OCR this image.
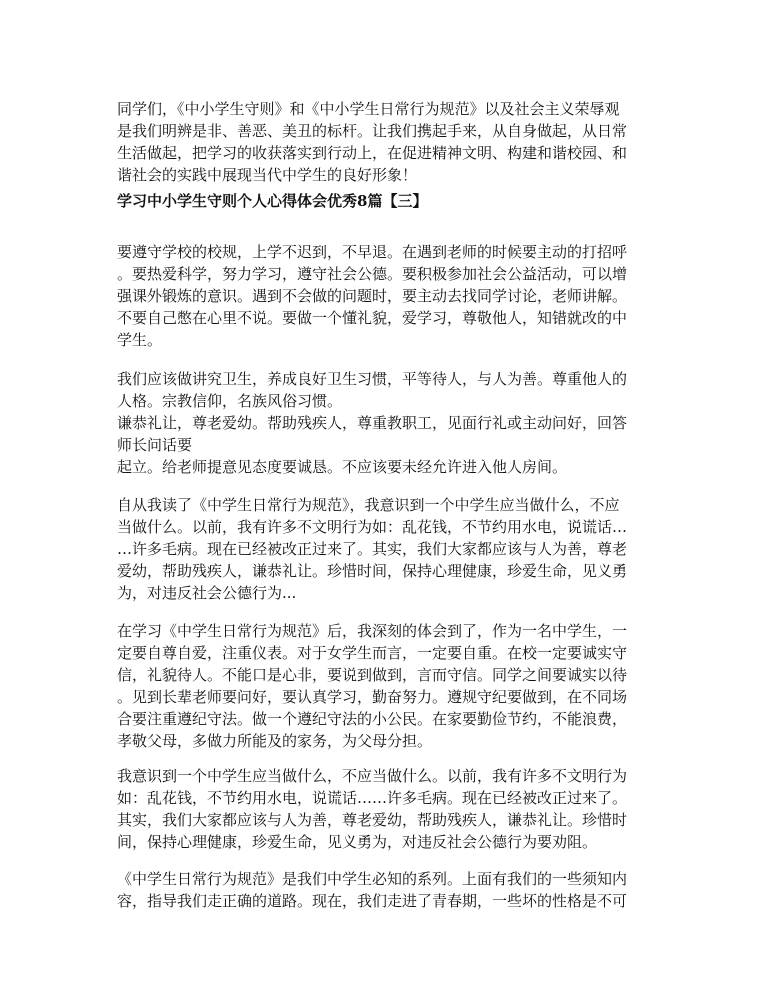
同学们，《中小学生守则》和《中小学生日常行为规范》以及社会主义荣辱观
是我们明辨是非、善恶、美丑的标杆。让我们携起手来，从自身做起，从日常
生活做起，把学习的收获落实到行动上，在促进精神文明、构建和谐校园、和
谐社会的实践中展现当代中学生的良好形象！
学习中小学生守则个人心得体会优秀8篇【三】
要遵守学校的校规，上学不迟到，不早退。在遇到老师的时候要主动的打招呼
。要热爱科学，努力学习，遵守社会公德。要积极参加社会公益活动，可以增
强课外锻炼的意识。遇到不会做的问题时，要主动去找同学讨论，老师讲解。
不要自己憋在心里不说。要做一个懂礼貌，爱学习，尊敬他人，知错就改的中
学生。
我们应该做讲究卫生，养成良好卫生习惯，平等待人，与人为善。尊重他人的
人格。宗教信仰，名族风俗习惯。
谦恭礼让，尊老爱幼。帮助残疾人，尊重教职工，见面行礼或主动问好，回答
师长问话要
起立。给老师提意见态度要诚恳。不应该要未经允许进入他人房间。
自从我读了《中学生日常行为规范》，我意识到一个中学生应当做什么，不应
当做什么。以前，我有许多不文明行为如：乱花钱，不节约用水电，说谎话…
…许多毛病。现在已经被改正过来了。其实，我们大家都应该与人为善，尊老
爱幼，帮助残疾人，谦恭礼让。珍惜时间，保持心理健康，珍爱生命，见义勇
为，对违反社会公德行为...
在学习《中学生日常行为规范》后，我深刻的体会到了，作为一名中学生，一
定要自尊自爱，注重仪表。对于女学生而言，一定要自重。在校一定要诚实守
信，礼貌待人。不能口是心非，要说到做到，言而守信。同学之间要诚实以待
。见到长辈老师要问好，要认真学习，勤奋努力。遵规守纪要做到，在不同场
合要注重遵纪守法。做一个遵纪守法的小公民。在家要勤俭节约，不能浪费，
孝敬父母，多做力所能及的家务，为父母分担。
我意识到一个中学生应当做什么，不应当做什么。以前，我有许多不文明行为
如：乱花钱，不节约用水电，说谎话……许多毛病。现在已经被改正过来了。
其实，我们大家都应该与人为善，尊老爱幼，帮助残疾人，谦恭礼让。珍惜时
间，保持心理健康，珍爱生命，见义勇为，对违反社会公德行为要劝阻。
《中学生日常行为规范》是我们中学生必知的系列。上面有我们的一些须知内
容，指导我们走正确的道路。现在，我们走进了青春期，一些坏的性格是不可
